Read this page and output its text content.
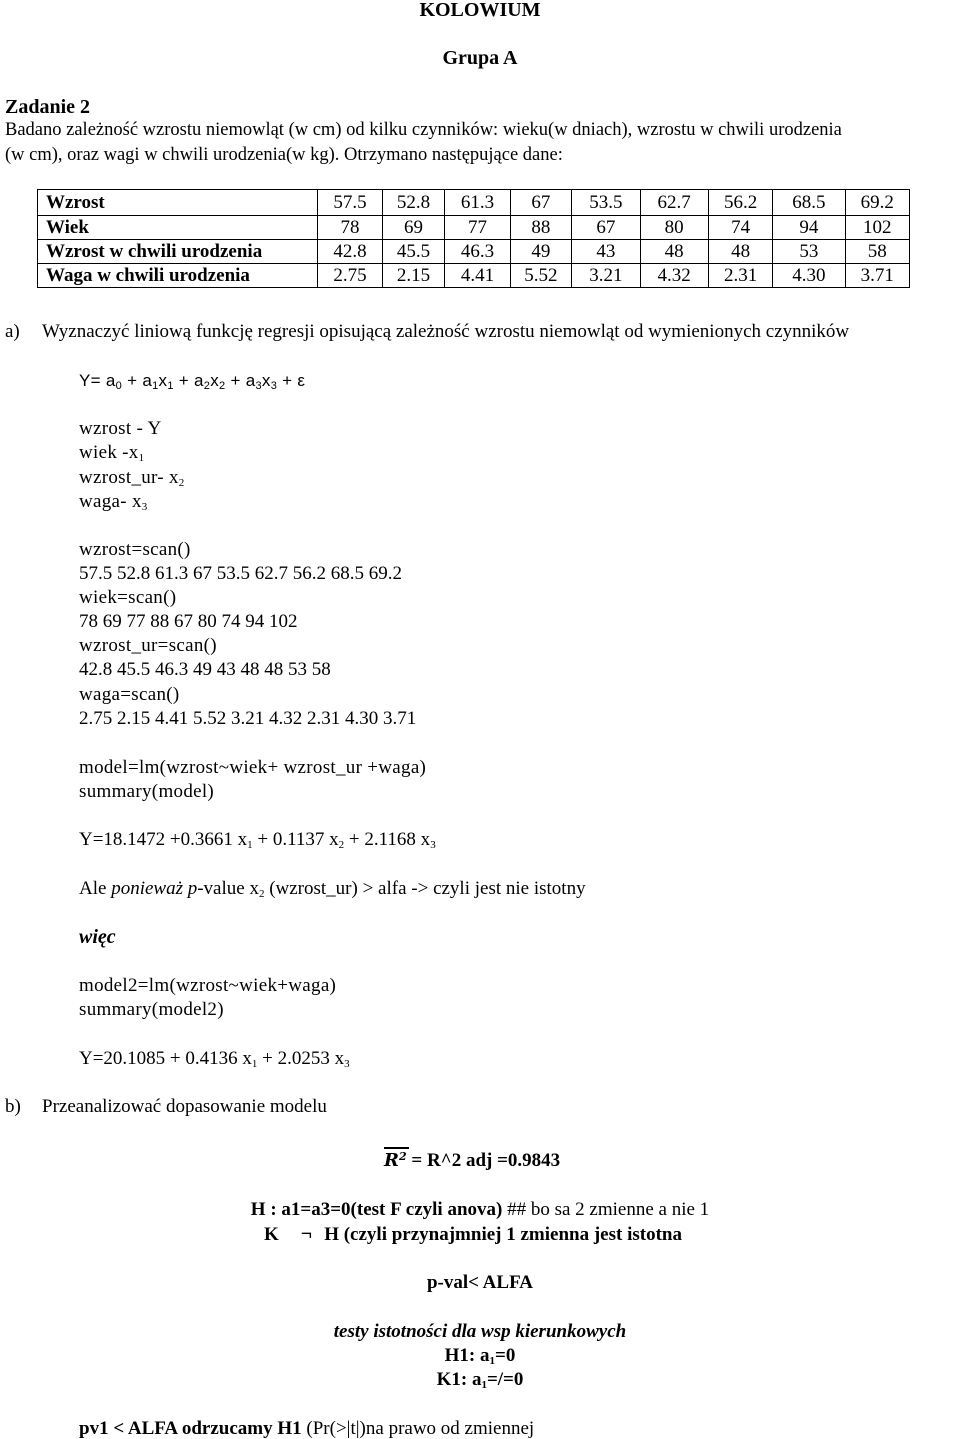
KOLOWIUM
Grupa A
Zadanie 2
Badano zależność wzrostu niemowląt (w cm) od kilku czynników: wieku(w dniach), wzrostu w chwili urodzenia
(w cm), oraz wagi w chwili urodzenia(w kg). Otrzymano następujące dane:
Wzrost	57.5	52.8	61.3	67	53.5	62.7	56.2	68.5	69.2
Wiek	78	69	77	88	67	80	74	94	102
Wzrost w chwili urodzenia	42.8	45.5	46.3	49	43	48	48	53	58
Waga w chwili urodzenia	2.75	2.15	4.41	5.52	3.21	4.32	2.31	4.30	3.71
a) Wyznaczyć liniową funkcję regresji opisującą zależność wzrostu niemowląt od wymienionych czynników
$Y= a_0 + a_1x_1 + a_2x_2 + a_3x_3 + \varepsilon$
wzrost - Y
wiek $-x_1$
wzrost_ur- $x_2$
waga- $x_3$
wzrost=scan()
57.5 52.8 61.3 67 53.5 62.7 56.2 68.5 69.2
wiek=scan()
78 69 77 88 67 80 74 94 102
wzrost_ur=scan()
42.8 45.5 46.3 49 43 48 48 53 58
waga=scan()
2.75 2.15 4.41 5.52 3.21 4.32 2.31 4.30 3.71
model=lm(wzrost~wiek+ wzrost_ur +waga)
summary(model)
Y=18.1472 +0.3661 $x_1 + 0.1137$ $x_2 + 2.1168$ $x_3$
Ale ponieważ p-value $x_2$ (wzrost_ur) > alfa -> czyli jest nie istotny
więc
model2=lm(wzrost~wiek+waga)
summary(model2)
Y=20.1085 + 0.4136 $x_1 + 2.0253$ $x_3$
b) Przeanalizować dopasowanie modelu
$R^2$ = R^2 adj =0.9843
H : a1=a3=0(test F czyli anova) ## bo sa 2 zmienne a nie 1
K ¬ H (czyli przynajmniej 1 zmienna jest istotna
p-val< ALFA
testy istotności dla wsp kierunkowych
H1: $a_1=0$
K1: $a_1=/=0$
pv1 < ALFA odrzucamy H1 (Pr(>|t|)na prawo od zmiennej
